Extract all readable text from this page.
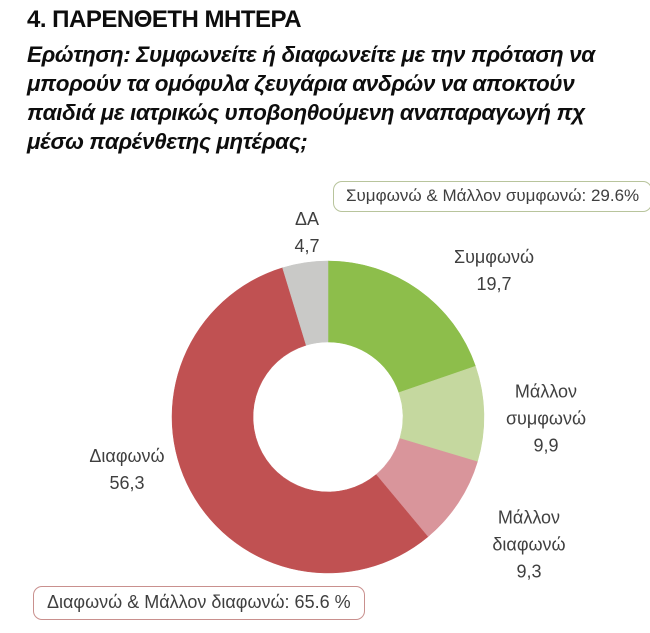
4. ΠΑΡΕΝΘΕΤΗ ΜΗΤΕΡΑ
Ερώτηση: Συμφωνείτε ή διαφωνείτε με την πρόταση να
μπορούν τα ομόφυλα ζευγάρια ανδρών να αποκτούν
παιδιά με ιατρικώς υποβοηθούμενη αναπαραγωγή πχ
μέσω παρένθετης μητέρας;
Συμφωνώ
19,7
Μάλλον συμφωνώ
9,9
Μάλλον διαφωνώ
9,3
Διαφωνώ
56,3
ΔΑ
4,7
Συμφωνώ & Μάλλον συμφωνώ: 29.6%
Διαφωνώ & Μάλλον διαφωνώ: 65.6 %
